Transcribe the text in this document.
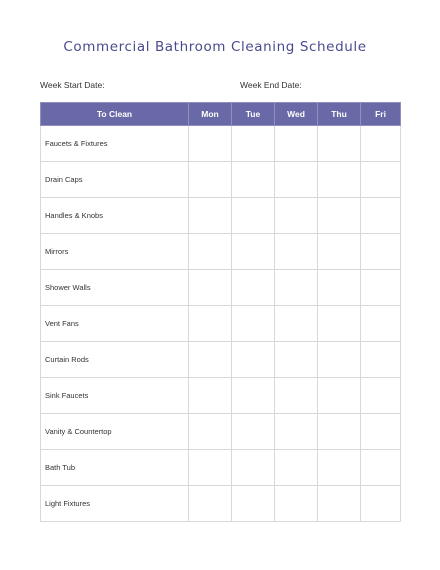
Commercial Bathroom Cleaning Schedule
Week Start Date:	Week End Date:
To Clean	Mon	Tue	Wed	Thu	Fri
Faucets & Fixtures					
Drain Caps					
Handles & Knobs					
Mirrors					
Shower Walls					
Vent Fans					
Curtain Rods					
Sink Faucets					
Vanity & Countertop					
Bath Tub					
Light Fixtures					
